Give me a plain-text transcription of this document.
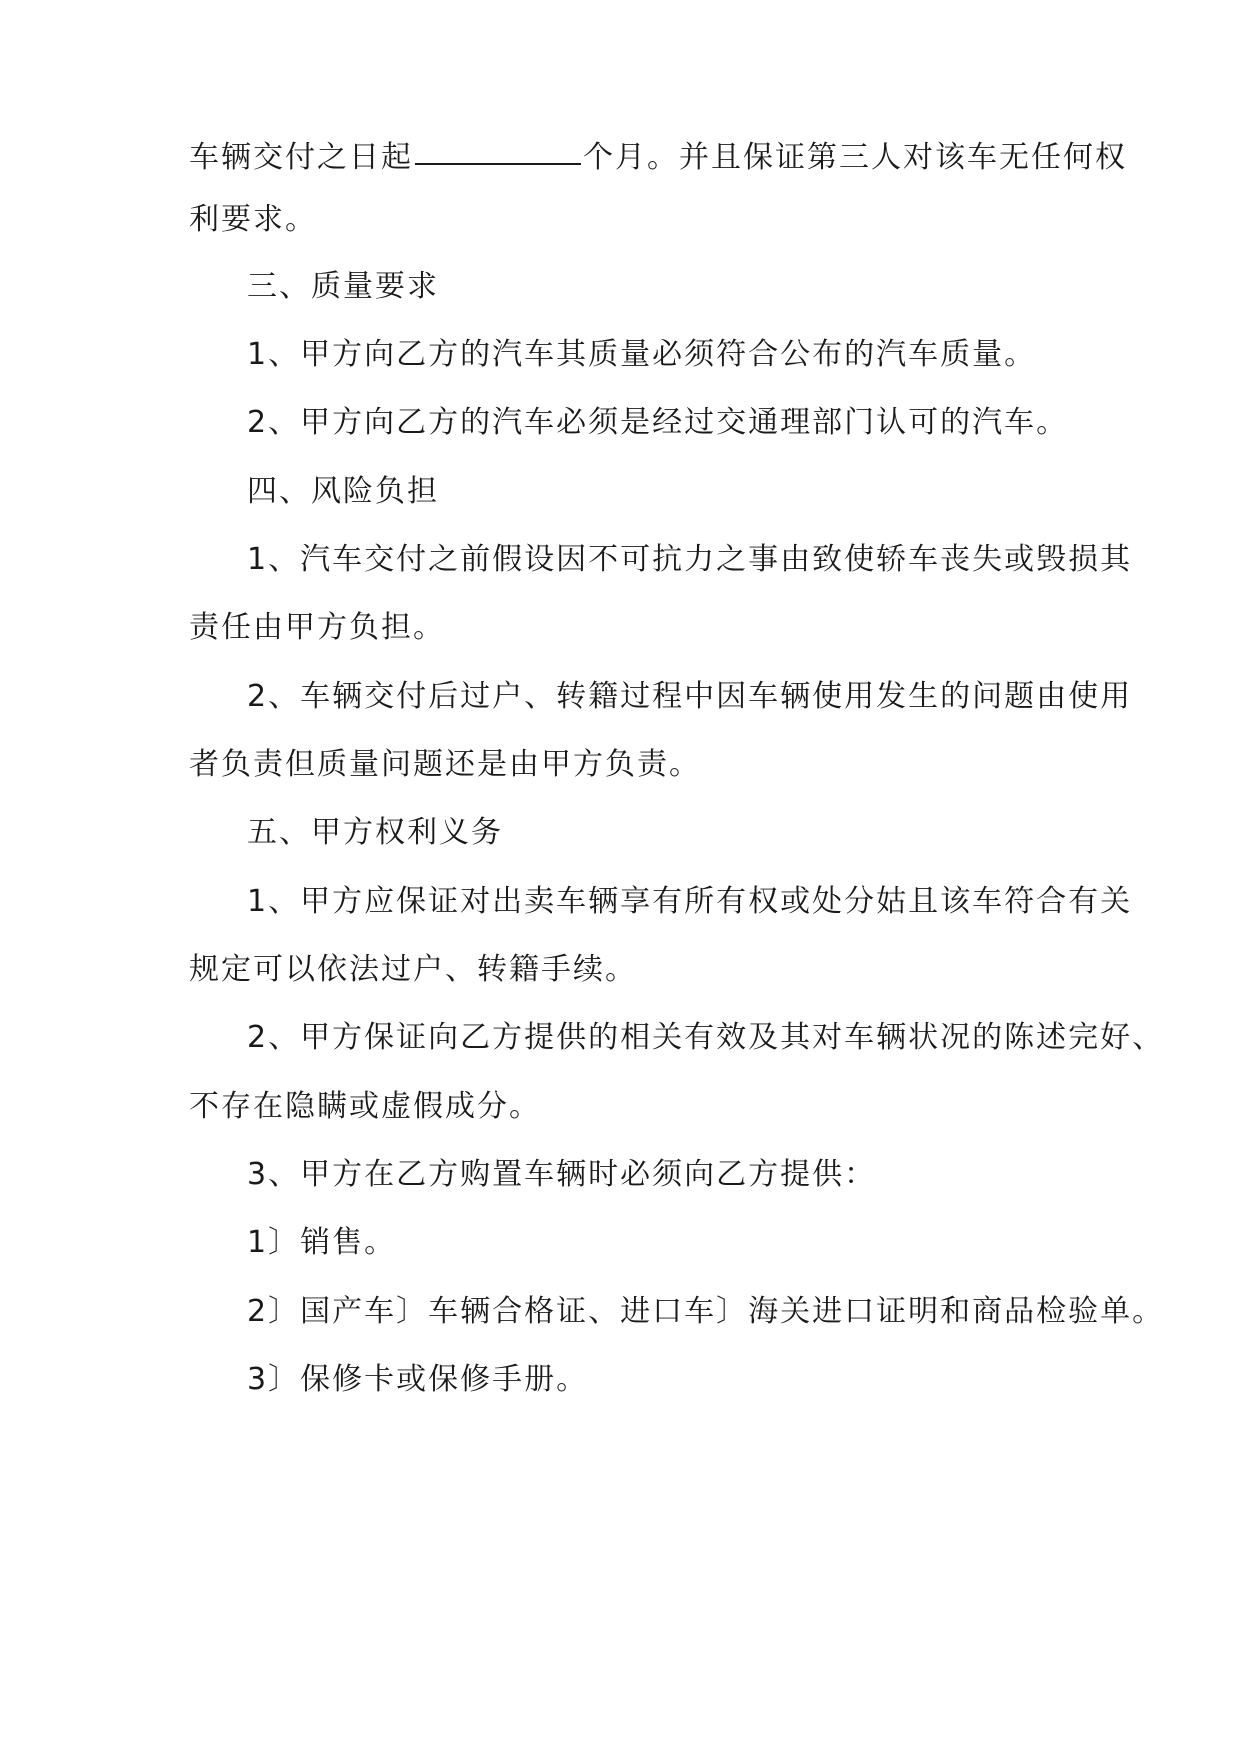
车辆交付之日起	个月。并且保证第三人对该车无任何权
利要求。
三、质量要求
1、甲方向乙方的汽车其质量必须符合公布的汽车质量。
2、甲方向乙方的汽车必须是经过交通理部门认可的汽车。
四、风险负担
1、汽车交付之前假设因不可抗力之事由致使轿车丧失或毁损其
责任由甲方负担。
2、车辆交付后过户、转籍过程中因车辆使用发生的问题由使用
者负责但质量问题还是由甲方负责。
五、甲方权利义务
1、甲方应保证对出卖车辆享有所有权或处分姑且该车符合有关
规定可以依法过户、转籍手续。
2、甲方保证向乙方提供的相关有效及其对车辆状况的陈述完好、
不存在隐瞒或虚假成分。
3、甲方在乙方购置车辆时必须向乙方提供：
1〕销售。
2〕国产车〕车辆合格证、进口车〕海关进口证明和商品检验单。
3〕保修卡或保修手册。
